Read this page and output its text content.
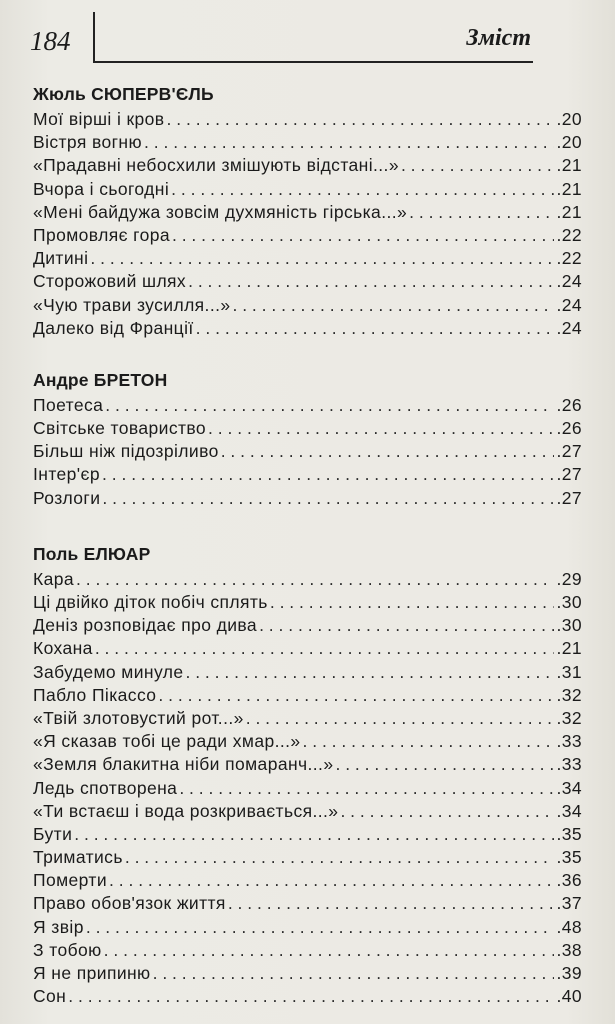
184	Зміст
Жюль СЮПЕРВ'ЄЛЬ
Мої вірші і кров . . .	.20
Вістря вогню . . .	.20
«Прадавні небосхили змішують відстані...» . . .	.21
Вчора і сьогодні . . .	.21
«Мені байдужа зовсім духмяність гірська...» . . .	.21
Промовляє гора . . .	.22
Дитині . . .	.22
Сторожовий шлях . . .	.24
«Чую трави зусилля...» . . .	.24
Далеко від Франції . . .	.24
Андре БРЕТОН
Поетеса . . .	.26
Світське товариство . . .	.26
Більш ніж підозріливо . . .	.27
Інтер'єр . . .	.27
Розлоги . . .	.27
Поль ЕЛЮАР
Кара . . .	.29
Ці двійко діток побіч сплять . . .	.30
Деніз розповідає про дива . . .	.30
Кохана . . .	.21
Забудемо минуле . . .	.31
Пабло Пікассо . . .	.32
«Твій злотовустий рот...» . . .	.32
«Я сказав тобі це ради хмар...» . . .	.33
«Земля блакитна ніби помаранч...» . . .	.33
Ледь спотворена . . .	.34
«Ти встаєш і вода розкривається...» . . .	.34
Бути . . .	.35
Триматись . . .	.35
Померти . . .	.36
Право обов'язок життя . . .	.37
Я звір . . .	.48
З тобою . . .	.38
Я не припиню . . .	.39
Сон . . .	.40
